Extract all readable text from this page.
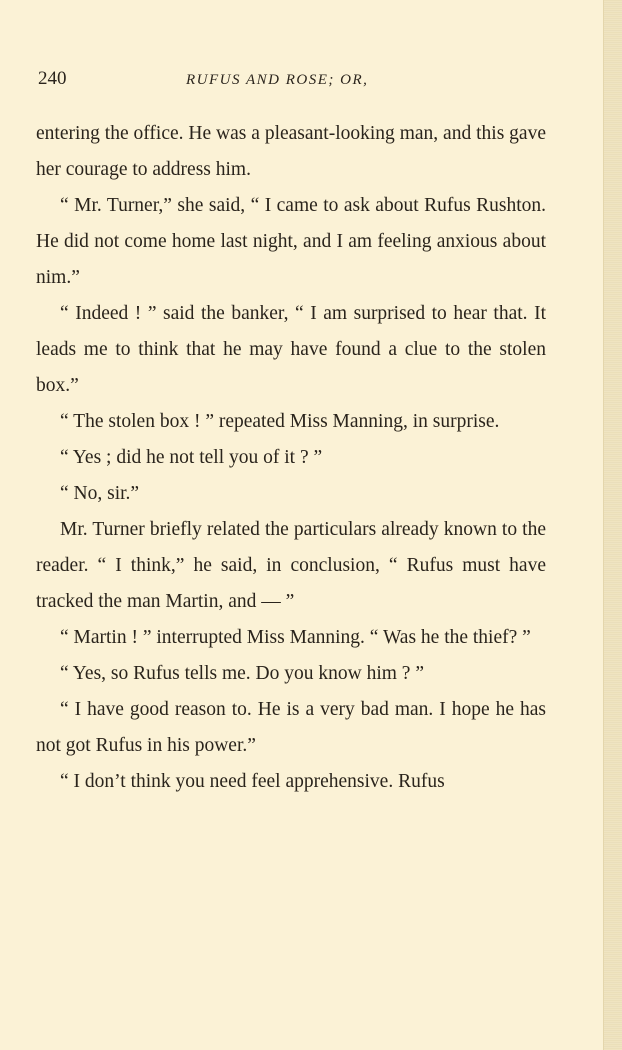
240	RUFUS AND ROSE; OR,

entering the office. He was a pleasant-looking man, and this gave her courage to address him.

“ Mr. Turner,” she said, “ I came to ask about Rufus Rushton. He did not come home last night, and I am feeling anxious about nim.”

“ Indeed ! ” said the banker, “ I am surprised to hear that. It leads me to think that he may have found a clue to the stolen box.”

“ The stolen box ! ” repeated Miss Manning, in surprise.

“ Yes ; did he not tell you of it ? ”

“ No, sir.”

Mr. Turner briefly related the particulars already known to the reader. “ I think,” he said, in conclusion, “ Rufus must have tracked the man Martin, and — ”

“ Martin ! ” interrupted Miss Manning. “ Was he the thief? ”

“ Yes, so Rufus tells me. Do you know him ? ”

“ I have good reason to. He is a very bad man. I hope he has not got Rufus in his power.”

“ I don’t think you need feel apprehensive. Rufus
